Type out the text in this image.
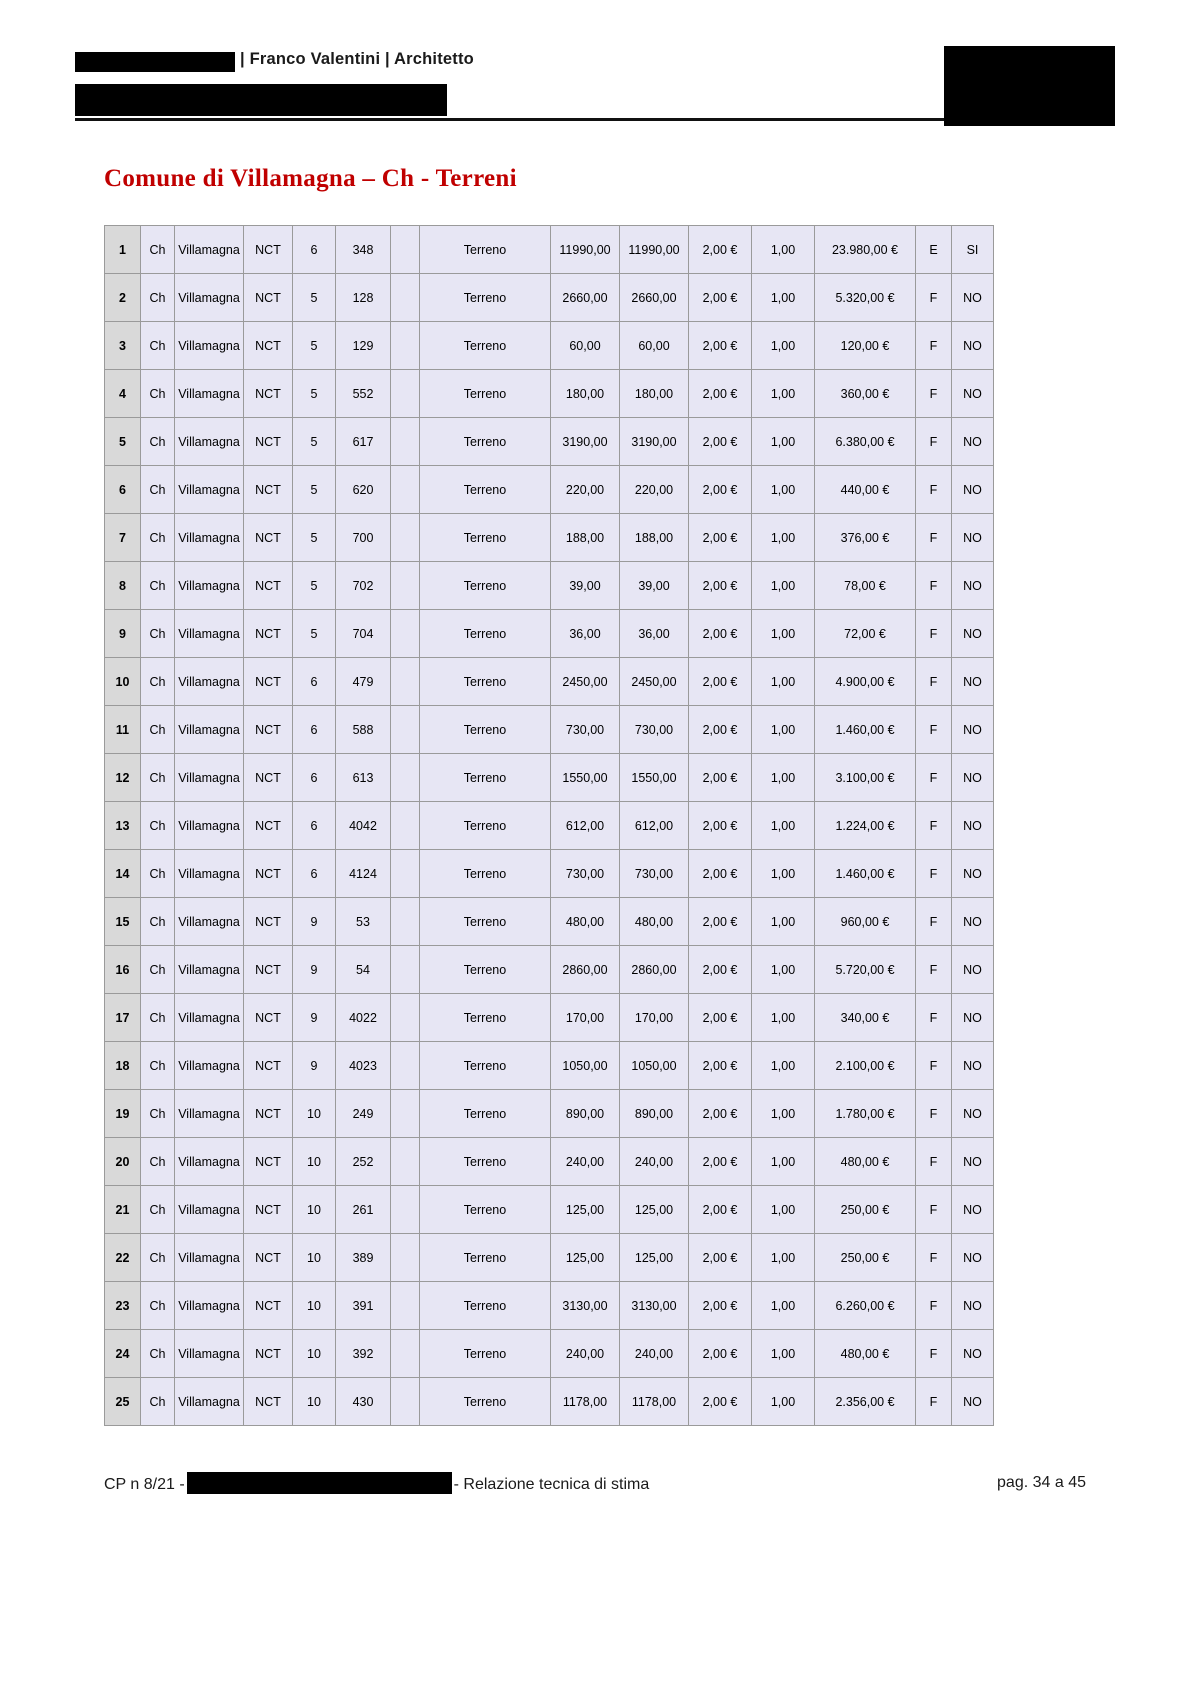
| Franco Valentini | Architetto
Comune di Villamagna – Ch - Terreni
1	Ch	Villamagna	NCT	6	348		Terreno	11990,00	11990,00	2,00 €	1,00	23.980,00 €	E	SI
2	Ch	Villamagna	NCT	5	128		Terreno	2660,00	2660,00	2,00 €	1,00	5.320,00 €	F	NO
3	Ch	Villamagna	NCT	5	129		Terreno	60,00	60,00	2,00 €	1,00	120,00 €	F	NO
4	Ch	Villamagna	NCT	5	552		Terreno	180,00	180,00	2,00 €	1,00	360,00 €	F	NO
5	Ch	Villamagna	NCT	5	617		Terreno	3190,00	3190,00	2,00 €	1,00	6.380,00 €	F	NO
6	Ch	Villamagna	NCT	5	620		Terreno	220,00	220,00	2,00 €	1,00	440,00 €	F	NO
7	Ch	Villamagna	NCT	5	700		Terreno	188,00	188,00	2,00 €	1,00	376,00 €	F	NO
8	Ch	Villamagna	NCT	5	702		Terreno	39,00	39,00	2,00 €	1,00	78,00 €	F	NO
9	Ch	Villamagna	NCT	5	704		Terreno	36,00	36,00	2,00 €	1,00	72,00 €	F	NO
10	Ch	Villamagna	NCT	6	479		Terreno	2450,00	2450,00	2,00 €	1,00	4.900,00 €	F	NO
11	Ch	Villamagna	NCT	6	588		Terreno	730,00	730,00	2,00 €	1,00	1.460,00 €	F	NO
12	Ch	Villamagna	NCT	6	613		Terreno	1550,00	1550,00	2,00 €	1,00	3.100,00 €	F	NO
13	Ch	Villamagna	NCT	6	4042		Terreno	612,00	612,00	2,00 €	1,00	1.224,00 €	F	NO
14	Ch	Villamagna	NCT	6	4124		Terreno	730,00	730,00	2,00 €	1,00	1.460,00 €	F	NO
15	Ch	Villamagna	NCT	9	53		Terreno	480,00	480,00	2,00 €	1,00	960,00 €	F	NO
16	Ch	Villamagna	NCT	9	54		Terreno	2860,00	2860,00	2,00 €	1,00	5.720,00 €	F	NO
17	Ch	Villamagna	NCT	9	4022		Terreno	170,00	170,00	2,00 €	1,00	340,00 €	F	NO
18	Ch	Villamagna	NCT	9	4023		Terreno	1050,00	1050,00	2,00 €	1,00	2.100,00 €	F	NO
19	Ch	Villamagna	NCT	10	249		Terreno	890,00	890,00	2,00 €	1,00	1.780,00 €	F	NO
20	Ch	Villamagna	NCT	10	252		Terreno	240,00	240,00	2,00 €	1,00	480,00 €	F	NO
21	Ch	Villamagna	NCT	10	261		Terreno	125,00	125,00	2,00 €	1,00	250,00 €	F	NO
22	Ch	Villamagna	NCT	10	389		Terreno	125,00	125,00	2,00 €	1,00	250,00 €	F	NO
23	Ch	Villamagna	NCT	10	391		Terreno	3130,00	3130,00	2,00 €	1,00	6.260,00 €	F	NO
24	Ch	Villamagna	NCT	10	392		Terreno	240,00	240,00	2,00 €	1,00	480,00 €	F	NO
25	Ch	Villamagna	NCT	10	430		Terreno	1178,00	1178,00	2,00 €	1,00	2.356,00 €	F	NO
CP n 8/21 -	- Relazione tecnica di stima	pag. 34 a 45
